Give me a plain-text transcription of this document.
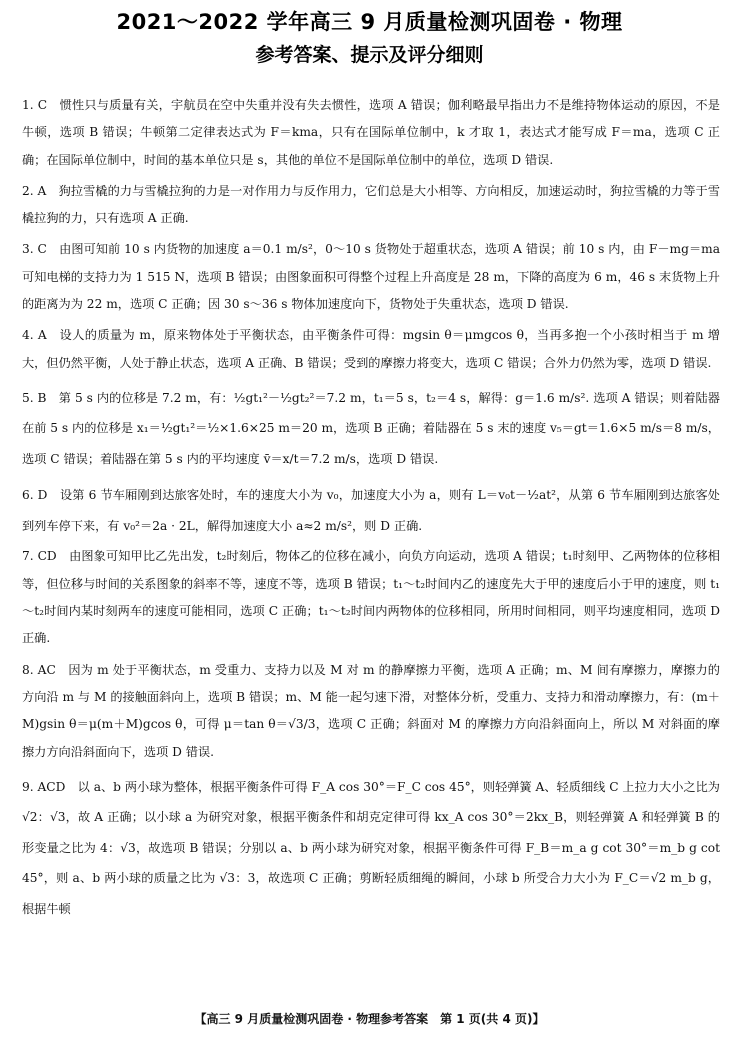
2021～2022 学年高三 9 月质量检测巩固卷 · 物理
参考答案、提示及评分细则

1. C　惯性只与质量有关，宇航员在空中失重并没有失去惯性，选项 A 错误；伽利略最早指出力不是维持物体运动的原因，不是牛顿，选项 B 错误；牛顿第二定律表达式为 F＝kma，只有在国际单位制中，k 才取 1，表达式才能写成 F＝ma，选项 C 正确；在国际单位制中，时间的基本单位只是 s，其他的单位不是国际单位制中的单位，选项 D 错误.

2. A　狗拉雪橇的力与雪橇拉狗的力是一对作用力与反作用力，它们总是大小相等、方向相反，加速运动时，狗拉雪橇的力等于雪橇拉狗的力，只有选项 A 正确.

3. C　由图可知前 10 s 内货物的加速度 a＝0.1 m/s²，0～10 s 货物处于超重状态，选项 A 错误；前 10 s 内，由 F－mg＝ma 可知电梯的支持力为 1 515 N，选项 B 错误；由图象面积可得整个过程上升高度是 28 m，下降的高度为 6 m，46 s 末货物上升的距离为为 22 m，选项 C 正确；因 30 s～36 s 物体加速度向下，货物处于失重状态，选项 D 错误.

4. A　设人的质量为 m，原来物体处于平衡状态，由平衡条件可得：mgsin θ＝μmgcos θ，当再多抱一个小孩时相当于 m 增大，但仍然平衡，人处于静止状态，选项 A 正确、B 错误；受到的摩擦力将变大，选项 C 错误；合外力仍然为零，选项 D 错误.

5. B　第 5 s 内的位移是 7.2 m，有：½gt₁²－½gt₂²＝7.2 m，t₁＝5 s，t₂＝4 s，解得：g＝1.6 m/s². 选项 A 错误；则着陆器在前 5 s 内的位移是 x₁＝½gt₁²＝½×1.6×25 m＝20 m，选项 B 正确；着陆器在 5 s 末的速度 v₅＝gt＝1.6×5 m/s＝8 m/s，选项 C 错误；着陆器在第 5 s 内的平均速度 v̄＝x/t＝7.2 m/s，选项 D 错误.

6. D　设第 6 节车厢刚到达旅客处时，车的速度大小为 v₀，加速度大小为 a，则有 L＝v₀t－½at²，从第 6 节车厢刚到达旅客处到列车停下来，有 v₀²＝2a · 2L，解得加速度大小 a≈2 m/s²，则 D 正确.

7. CD　由图象可知甲比乙先出发，t₂时刻后，物体乙的位移在减小，向负方向运动，选项 A 错误；t₁时刻甲、乙两物体的位移相等，但位移与时间的关系图象的斜率不等，速度不等，选项 B 错误；t₁～t₂时间内乙的速度先大于甲的速度后小于甲的速度，则 t₁～t₂时间内某时刻两车的速度可能相同，选项 C 正确；t₁～t₂时间内两物体的位移相同，所用时间相同，则平均速度相同，选项 D 正确.

8. AC　因为 m 处于平衡状态，m 受重力、支持力以及 M 对 m 的静摩擦力平衡，选项 A 正确；m、M 间有摩擦力，摩擦力的方向沿 m 与 M 的接触面斜向上，选项 B 错误；m、M 能一起匀速下滑，对整体分析，受重力、支持力和滑动摩擦力，有：(m＋M)gsin θ＝μ(m＋M)gcos θ，可得 μ＝tan θ＝√3/3，选项 C 正确；斜面对 M 的摩擦力方向沿斜面向上，所以 M 对斜面的摩擦力方向沿斜面向下，选项 D 错误.

9. ACD　以 a、b 两小球为整体，根据平衡条件可得 F_A cos 30°＝F_C cos 45°，则轻弹簧 A、轻质细线 C 上拉力大小之比为 √2：√3，故 A 正确；以小球 a 为研究对象，根据平衡条件和胡克定律可得 kx_A cos 30°＝2kx_B，则轻弹簧 A 和轻弹簧 B 的形变量之比为 4：√3，故选项 B 错误；分别以 a、b 两小球为研究对象，根据平衡条件可得 F_B＝m_a g cot 30°＝m_b g cot 45°，则 a、b 两小球的质量之比为 √3：3，故选项 C 正确；剪断轻质细绳的瞬间，小球 b 所受合力大小为 F_C＝√2 m_b g，根据牛顿

【高三 9 月质量检测巩固卷 · 物理参考答案　第 1 页(共 4 页)】
